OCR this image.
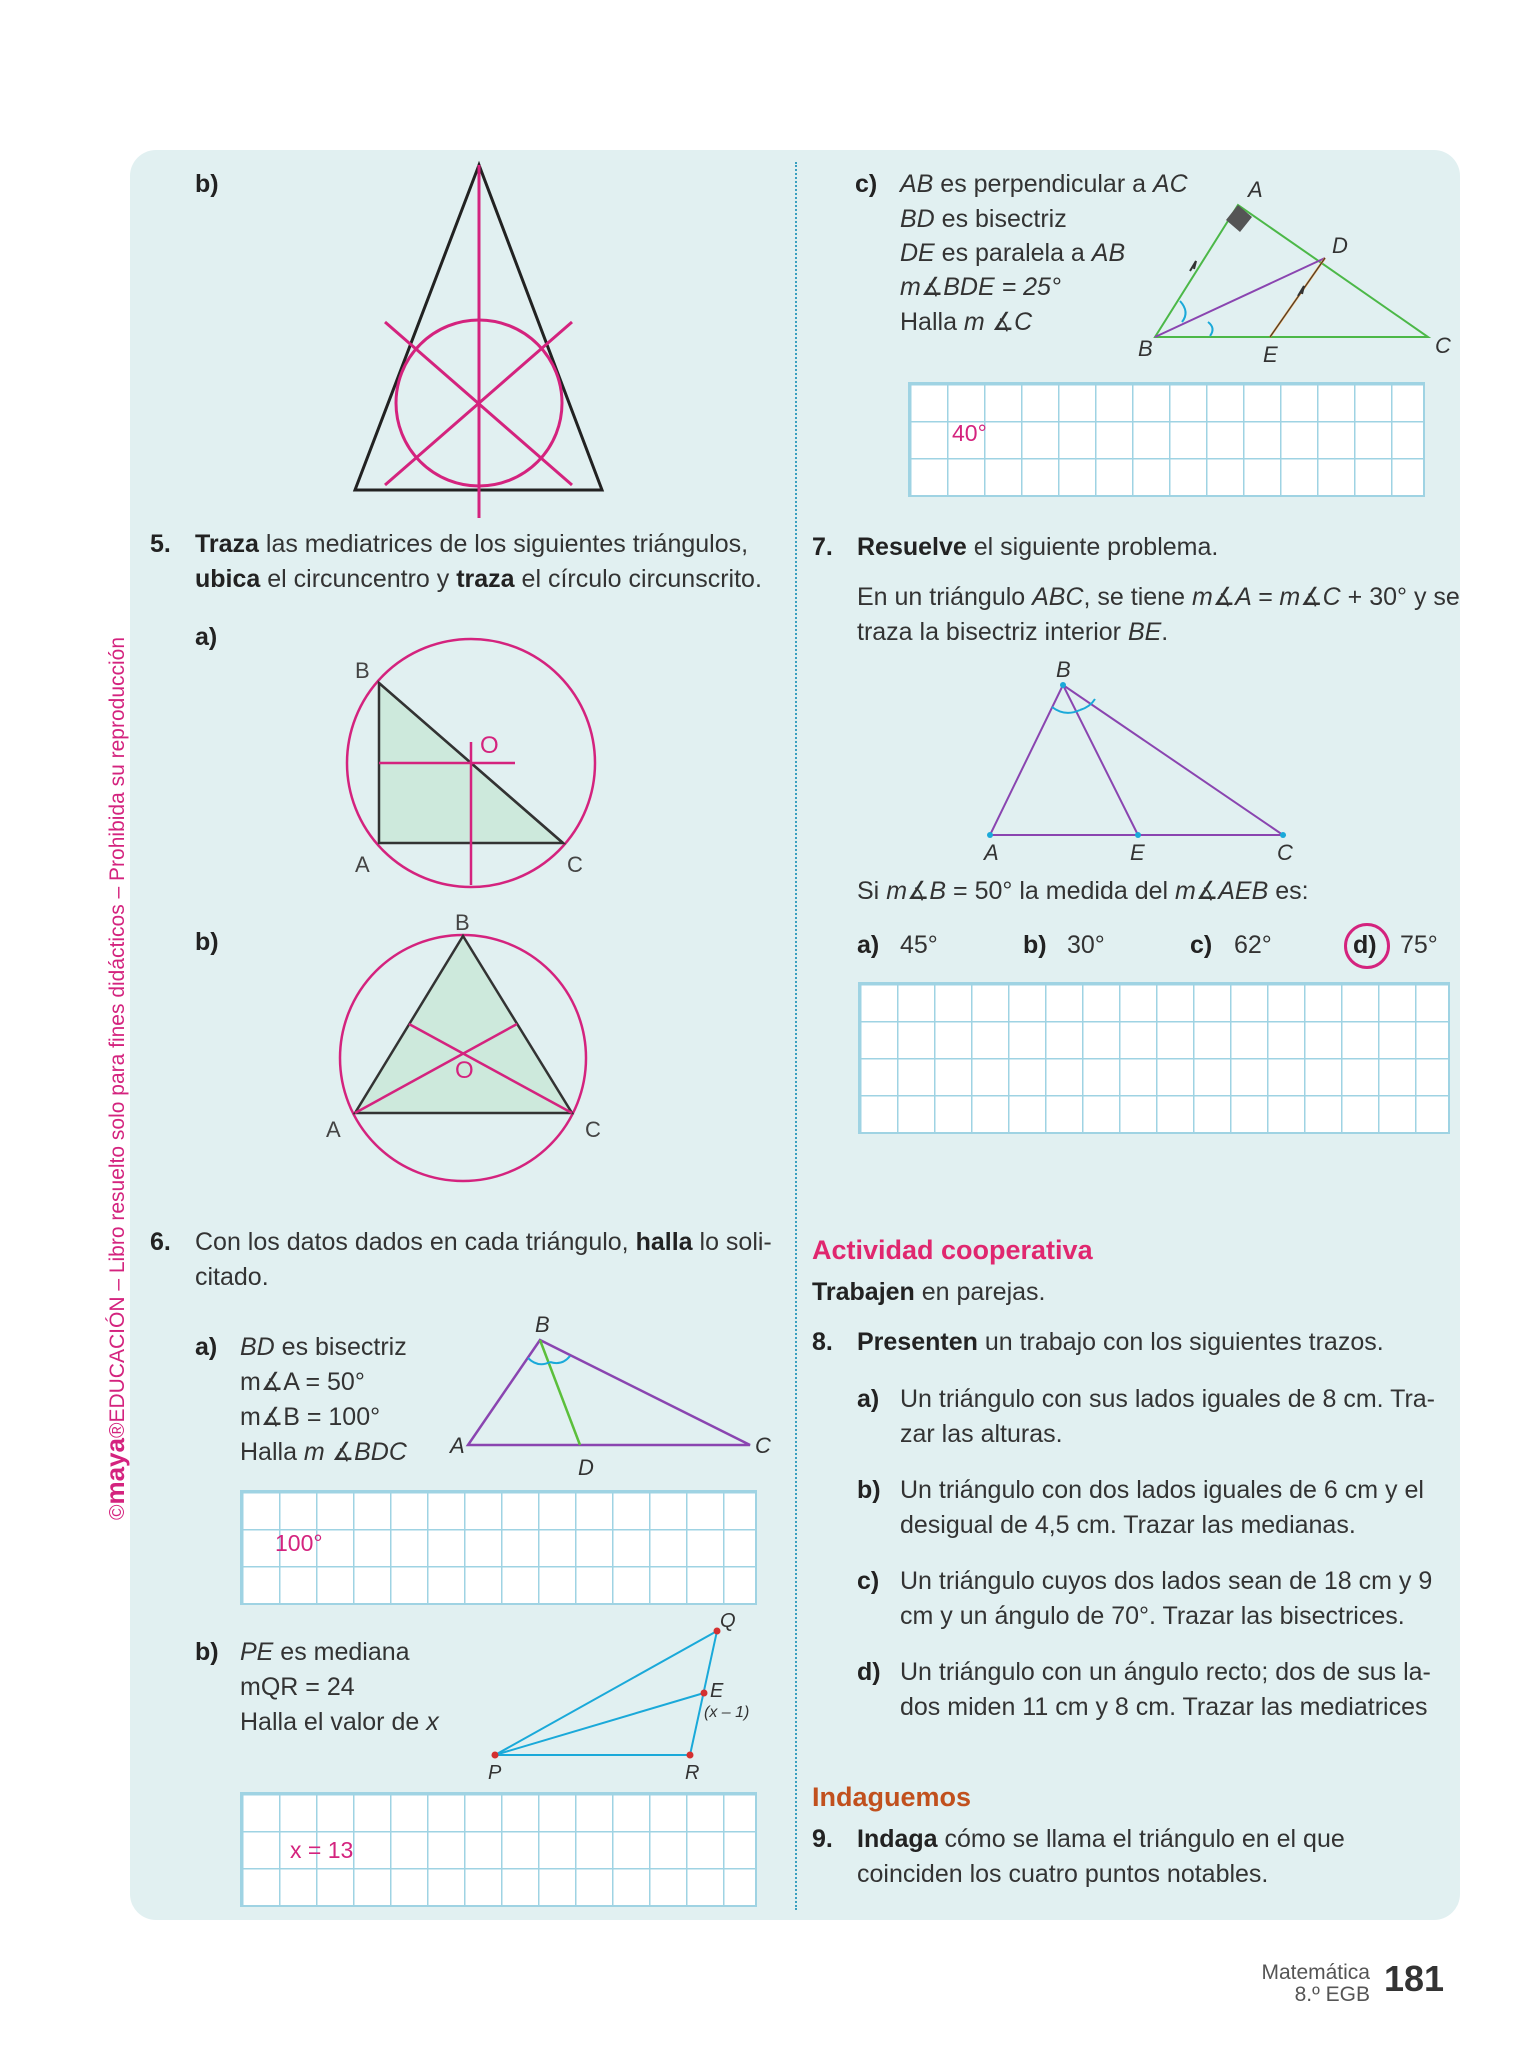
©maya®EDUCACIÓN – Libro resuelto solo para fines didácticos – Prohibida su reproducción
b)
5. Traza las mediatrices de los siguientes triángulos,
ubica el circuncentro y traza el círculo circunscrito.
a)
B
O
A	C
b)
B
O
A	C
6. Con los datos dados en cada triángulo, halla lo soli-
citado.
a) BD es bisectriz
m∡A = 50°
m∡B = 100°
Halla m ∡BDC
B
A	C
D
100°
b) PE es mediana
mQR = 24
Halla el valor de x
Q
E
(x – 1)
P	R
x = 13
c) AB es perpendicular a AC
BD es bisectriz
DE es paralela a AB
m∡BDE = 25°
Halla m ∡C
A
D
B	E	C
40°
7. Resuelve el siguiente problema.
En un triángulo ABC, se tiene m∡A = m∡C + 30° y se
traza la bisectriz interior BE.
B
A	E	C
Si m∡B = 50° la medida del m∡AEB es:
a) 45°	b) 30°	c) 62°	d) 75°
Actividad cooperativa
Trabajen en parejas.
8. Presenten un trabajo con los siguientes trazos.
a) Un triángulo con sus lados iguales de 8 cm. Tra-
zar las alturas.
b) Un triángulo con dos lados iguales de 6 cm y el
desigual de 4,5 cm. Trazar las medianas.
c) Un triángulo cuyos dos lados sean de 18 cm y 9
cm y un ángulo de 70°. Trazar las bisectrices.
d) Un triángulo con un ángulo recto; dos de sus la-
dos miden 11 cm y 8 cm. Trazar las mediatrices
Indaguemos
9. Indaga cómo se llama el triángulo en el que
coinciden los cuatro puntos notables.
Matemática
8.º EGB 181
